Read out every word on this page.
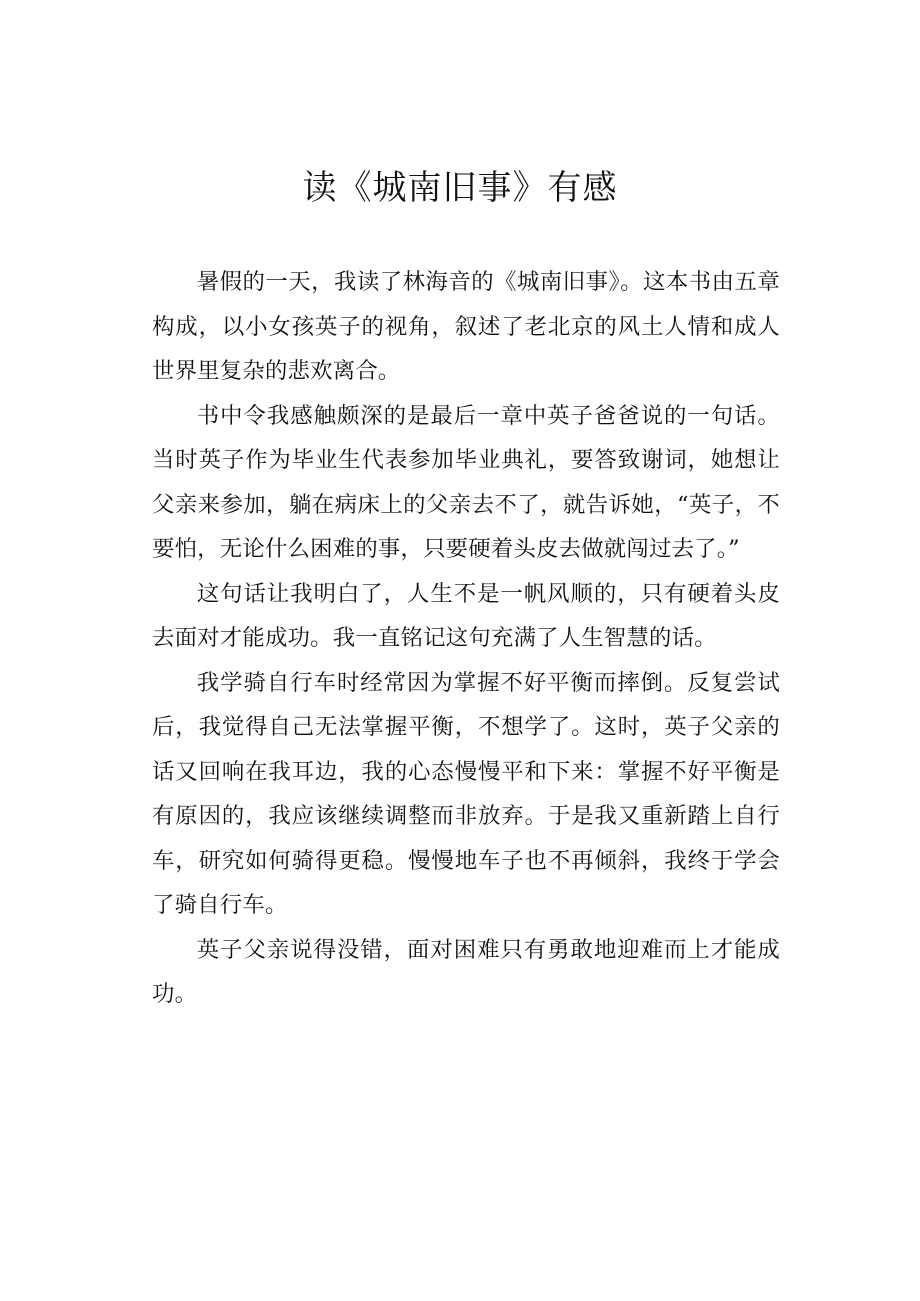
读《城南旧事》有感

暑假的一天，我读了林海音的《城南旧事》。这本书由五章构成，以小女孩英子的视角，叙述了老北京的风土人情和成人世界里复杂的悲欢离合。

书中令我感触颇深的是最后一章中英子爸爸说的一句话。当时英子作为毕业生代表参加毕业典礼，要答致谢词，她想让父亲来参加，躺在病床上的父亲去不了，就告诉她，“英子，不要怕，无论什么困难的事，只要硬着头皮去做就闯过去了。”

这句话让我明白了，人生不是一帆风顺的，只有硬着头皮去面对才能成功。我一直铭记这句充满了人生智慧的话。

我学骑自行车时经常因为掌握不好平衡而摔倒。反复尝试后，我觉得自己无法掌握平衡，不想学了。这时，英子父亲的话又回响在我耳边，我的心态慢慢平和下来：掌握不好平衡是有原因的，我应该继续调整而非放弃。于是我又重新踏上自行车，研究如何骑得更稳。慢慢地车子也不再倾斜，我终于学会了骑自行车。

英子父亲说得没错，面对困难只有勇敢地迎难而上才能成功。
